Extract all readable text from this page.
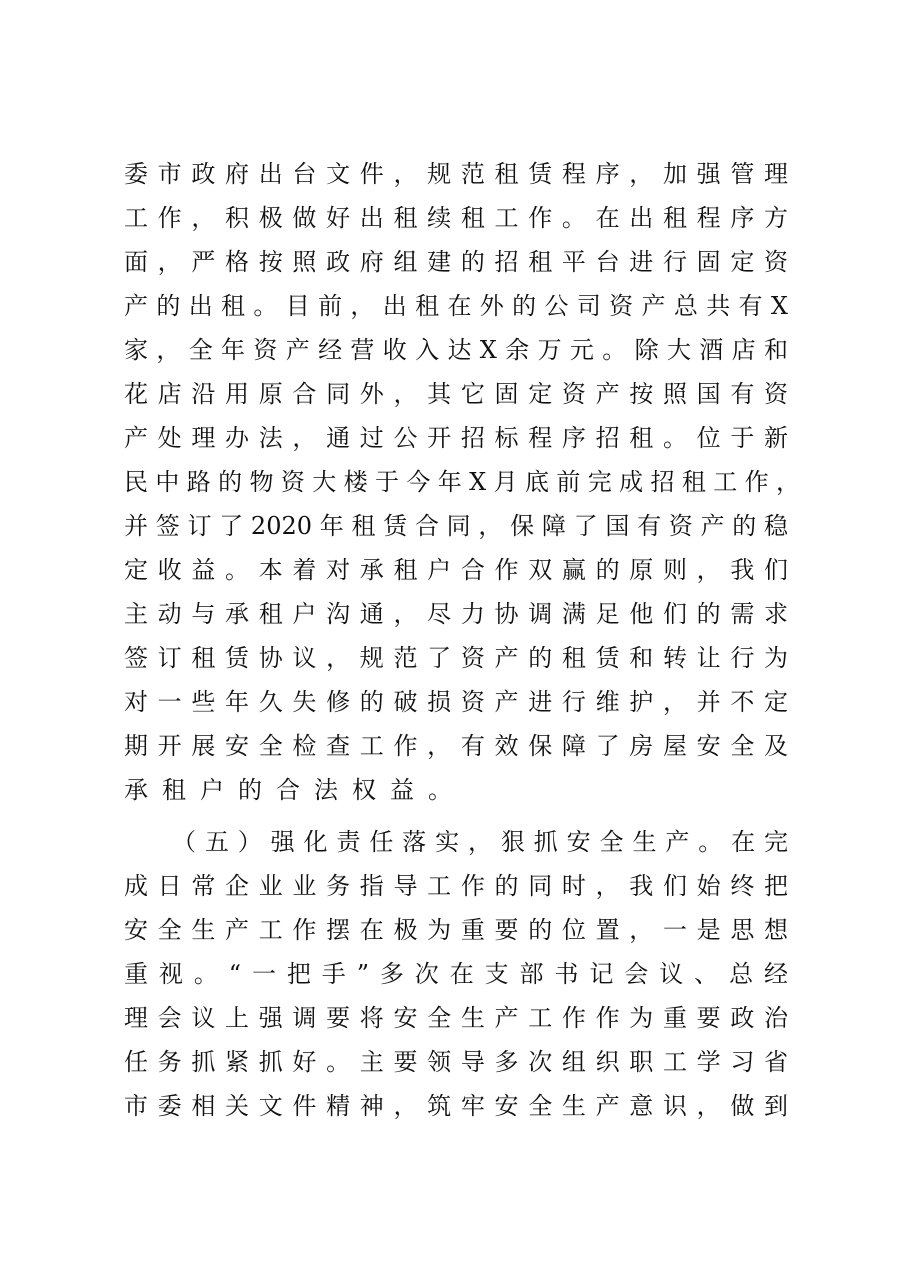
委市政府出台文件，规范租赁程序，加强管理

工作，积极做好出租续租工作。在出租程序方

面，严格按照政府组建的招租平台进行固定资

产的出租。目前，出租在外的公司资产总共有X

家，全年资产经营收入达X余万元。除大酒店和

花店沿用原合同外，其它固定资产按照国有资

产处理办法，通过公开招标程序招租。位于新

民中路的物资大楼于今年X月底前完成招租工作，

并签订了2020年租赁合同，保障了国有资产的稳

定收益。本着对承租户合作双赢的原则，我们

主动与承租户沟通，尽力协调满足他们的需求

签订租赁协议，规范了资产的租赁和转让行为

对一些年久失修的破损资产进行维护，并不定

期开展安全检查工作，有效保障了房屋安全及

承租户的合法权益。

（五）强化责任落实，狠抓安全生产。在完

成日常企业业务指导工作的同时，我们始终把

安全生产工作摆在极为重要的位置，一是思想

重视。“一把手”多次在支部书记会议、总经

理会议上强调要将安全生产工作作为重要政治

任务抓紧抓好。主要领导多次组织职工学习省

市委相关文件精神，筑牢安全生产意识，做到
